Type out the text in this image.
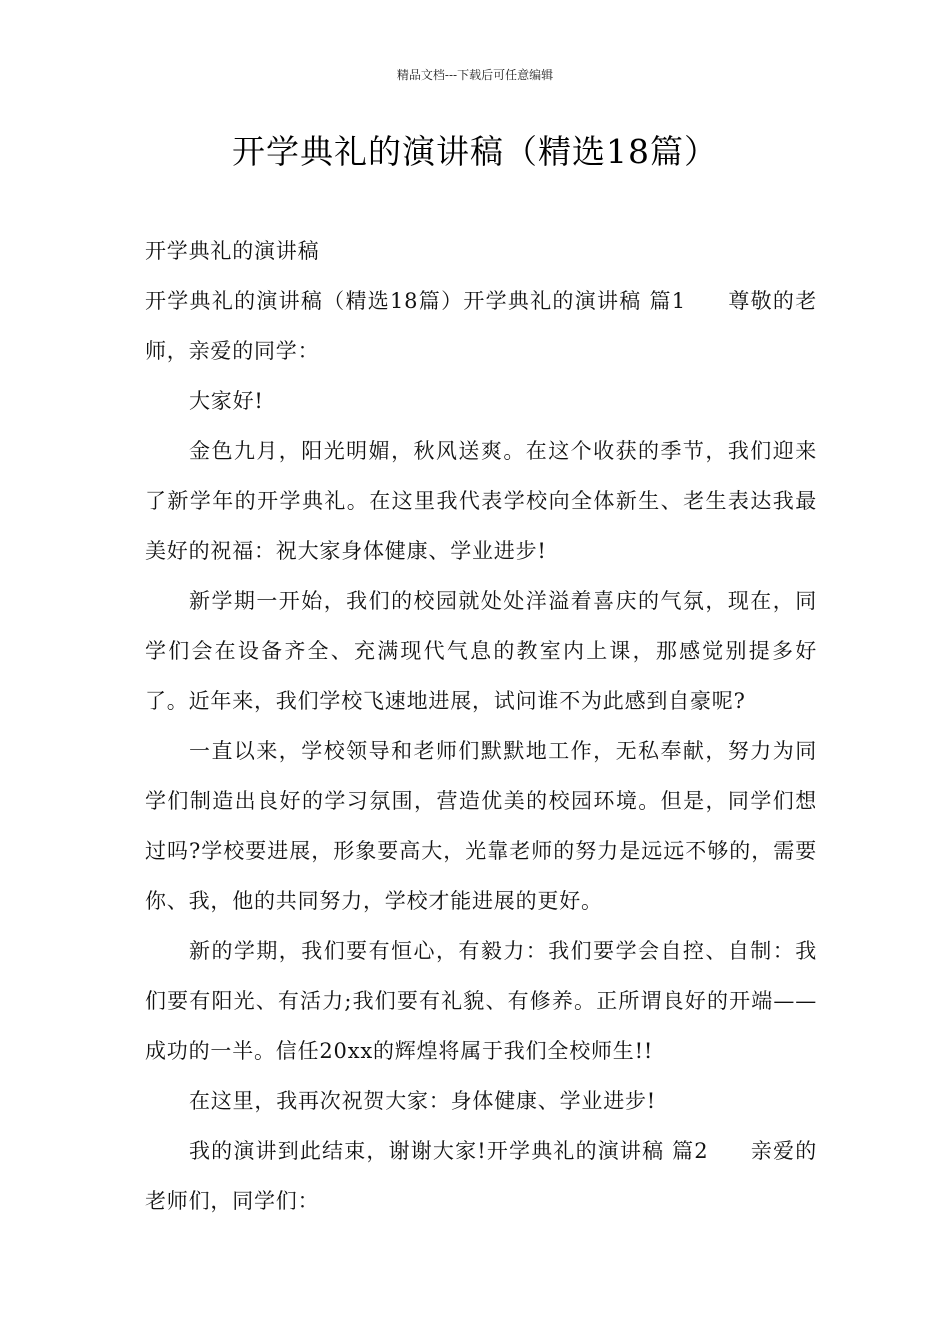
精品文档---下载后可任意编辑
开学典礼的演讲稿（精选18篇）

开学典礼的演讲稿

开学典礼的演讲稿（精选18篇）开学典礼的演讲稿 篇1 尊敬的老师，亲爱的同学：

大家好!

金色九月，阳光明媚，秋风送爽。在这个收获的季节，我们迎来了新学年的开学典礼。在这里我代表学校向全体新生、老生表达我最美好的祝福：祝大家身体健康、学业进步!

新学期一开始，我们的校园就处处洋溢着喜庆的气氛，现在，同学们会在设备齐全、充满现代气息的教室内上课，那感觉别提多好了。近年来，我们学校飞速地进展，试问谁不为此感到自豪呢?

一直以来，学校领导和老师们默默地工作，无私奉献，努力为同学们制造出良好的学习氛围，营造优美的校园环境。但是，同学们想过吗?学校要进展，形象要高大，光靠老师的努力是远远不够的，需要你、我，他的共同努力，学校才能进展的更好。

新的学期，我们要有恒心，有毅力：我们要学会自控、自制：我们要有阳光、有活力;我们要有礼貌、有修养。正所谓良好的开端——成功的一半。信任20xx的辉煌将属于我们全校师生!!

在这里，我再次祝贺大家：身体健康、学业进步!

我的演讲到此结束，谢谢大家!开学典礼的演讲稿 篇2 亲爱的老师们，同学们：
